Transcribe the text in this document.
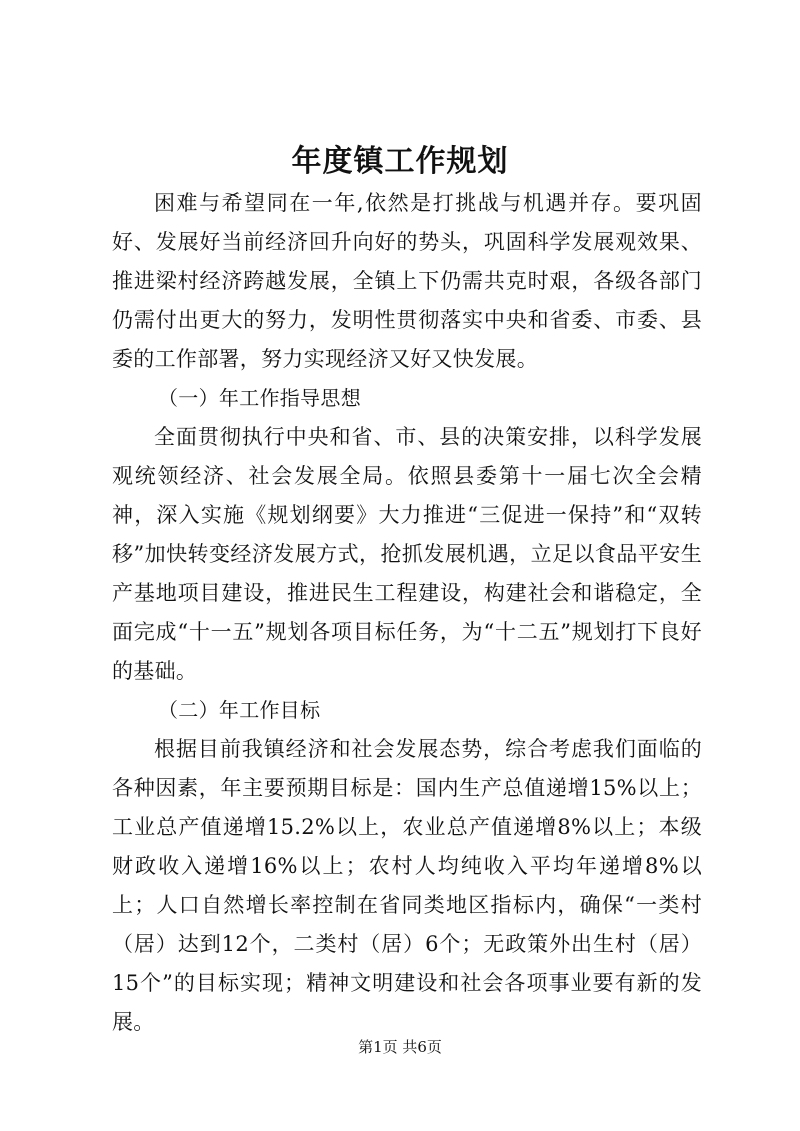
年度镇工作规划

困难与希望同在一年,依然是打挑战与机遇并存。要巩固好、发展好当前经济回升向好的势头，巩固科学发展观效果、推进梁村经济跨越发展，全镇上下仍需共克时艰，各级各部门仍需付出更大的努力，发明性贯彻落实中央和省委、市委、县委的工作部署，努力实现经济又好又快发展。

（一）年工作指导思想

全面贯彻执行中央和省、市、县的决策安排，以科学发展观统领经济、社会发展全局。依照县委第十一届七次全会精神，深入实施《规划纲要》大力推进“三促进一保持”和“双转移”加快转变经济发展方式，抢抓发展机遇，立足以食品平安生产基地项目建设，推进民生工程建设，构建社会和谐稳定，全面完成“十一五”规划各项目标任务，为“十二五”规划打下良好的基础。

（二）年工作目标

根据目前我镇经济和社会发展态势，综合考虑我们面临的各种因素，年主要预期目标是：国内生产总值递增15%以上；工业总产值递增15.2%以上，农业总产值递增8%以上；本级财政收入递增16%以上；农村人均纯收入平均年递增8%以上；人口自然增长率控制在省同类地区指标内，确保“一类村（居）达到12个，二类村（居）6个；无政策外出生村（居）15个”的目标实现；精神文明建设和社会各项事业要有新的发展。

第1页 共6页
